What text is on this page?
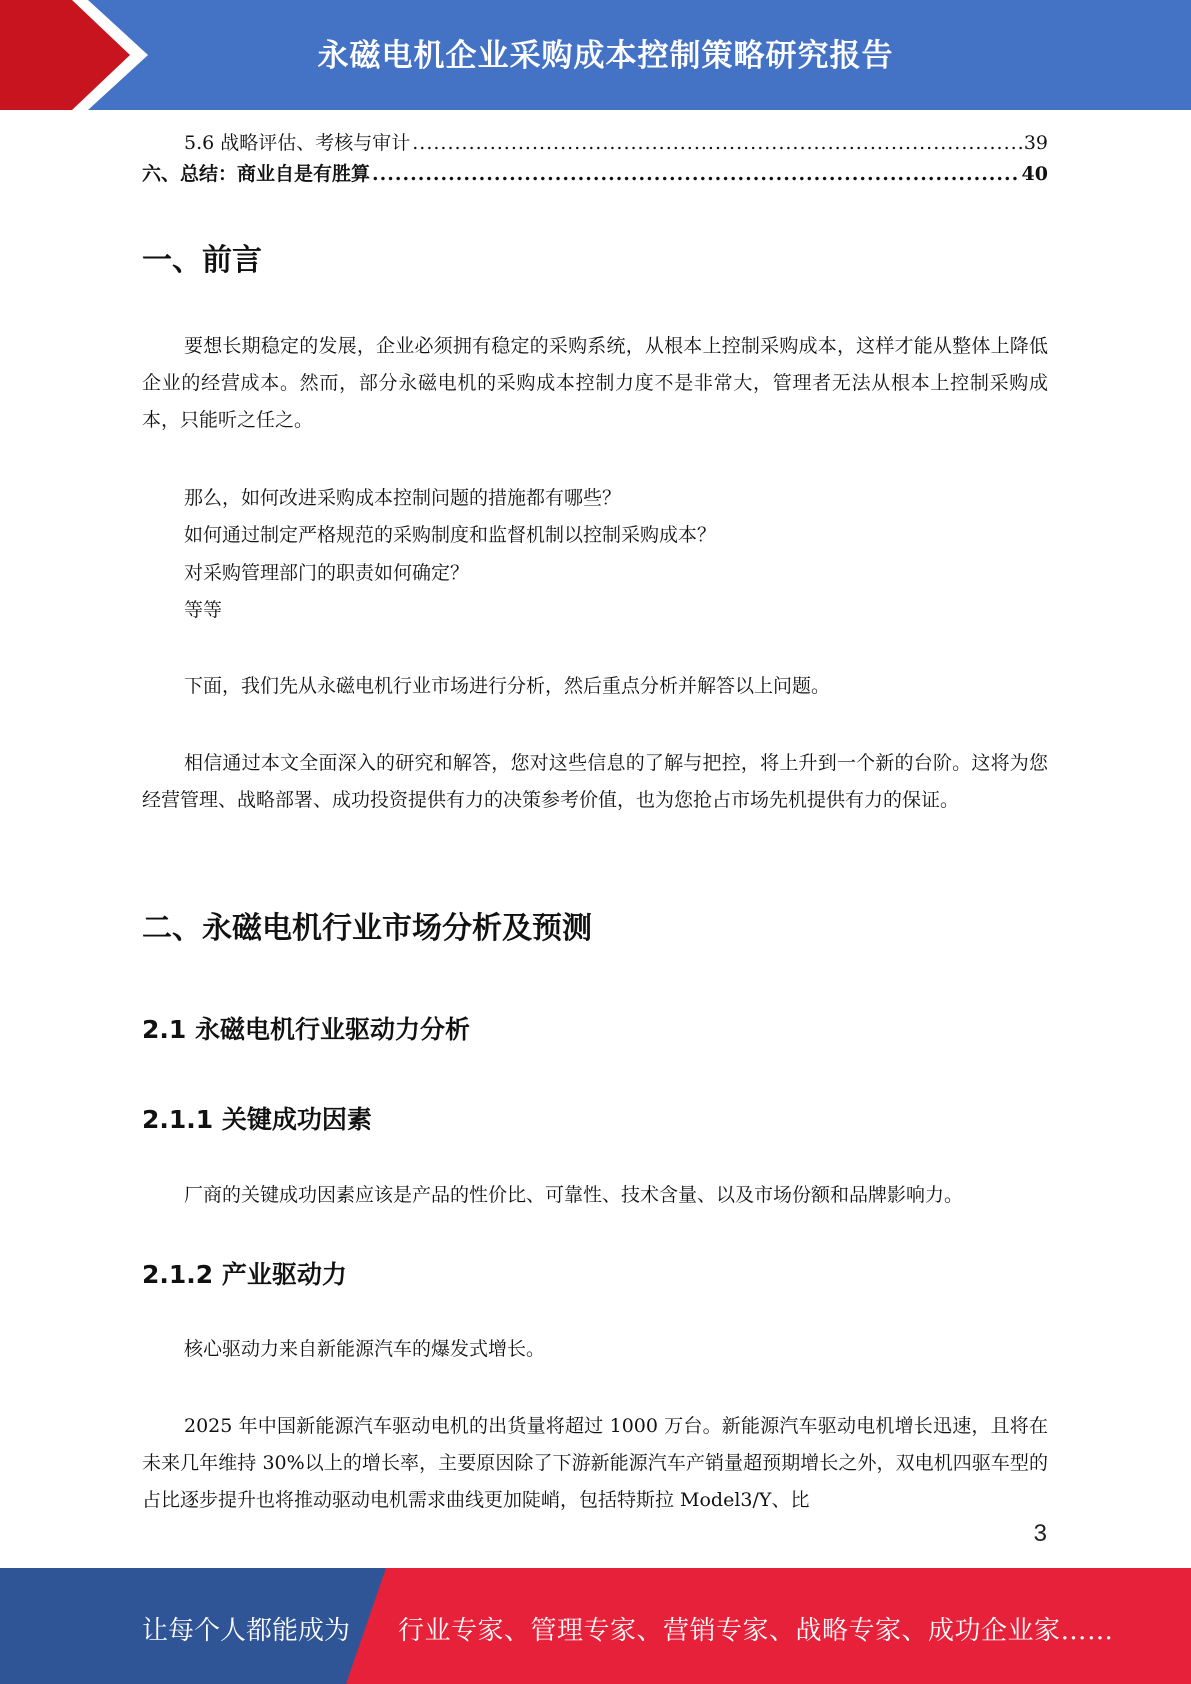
永磁电机企业采购成本控制策略研究报告
5.6 战略评估、考核与审计 .....	39
六、总结：商业自是有胜算 .....	40
一、前言

要想长期稳定的发展，企业必须拥有稳定的采购系统，从根本上控制采购成本，这样才能从整体上降低企业的经营成本。然而，部分永磁电机的采购成本控制力度不是非常大，管理者无法从根本上控制采购成本，只能听之任之。

那么，如何改进采购成本控制问题的措施都有哪些？
如何通过制定严格规范的采购制度和监督机制以控制采购成本？
对采购管理部门的职责如何确定？
等等

下面，我们先从永磁电机行业市场进行分析，然后重点分析并解答以上问题。

相信通过本文全面深入的研究和解答，您对这些信息的了解与把控，将上升到一个新的台阶。这将为您经营管理、战略部署、成功投资提供有力的决策参考价值，也为您抢占市场先机提供有力的保证。

二、永磁电机行业市场分析及预测
2.1 永磁电机行业驱动力分析
2.1.1 关键成功因素

厂商的关键成功因素应该是产品的性价比、可靠性、技术含量、以及市场份额和品牌影响力。

2.1.2 产业驱动力

核心驱动力来自新能源汽车的爆发式增长。

2025 年中国新能源汽车驱动电机的出货量将超过 1000 万台。新能源汽车驱动电机增长迅速，且将在未来几年维持 30%以上的增长率，主要原因除了下游新能源汽车产销量超预期增长之外，双电机四驱车型的占比逐步提升也将推动驱动电机需求曲线更加陡峭，包括特斯拉 Model3/Y、比

3
让每个人都能成为 行业专家、管理专家、营销专家、战略专家、成功企业家……
